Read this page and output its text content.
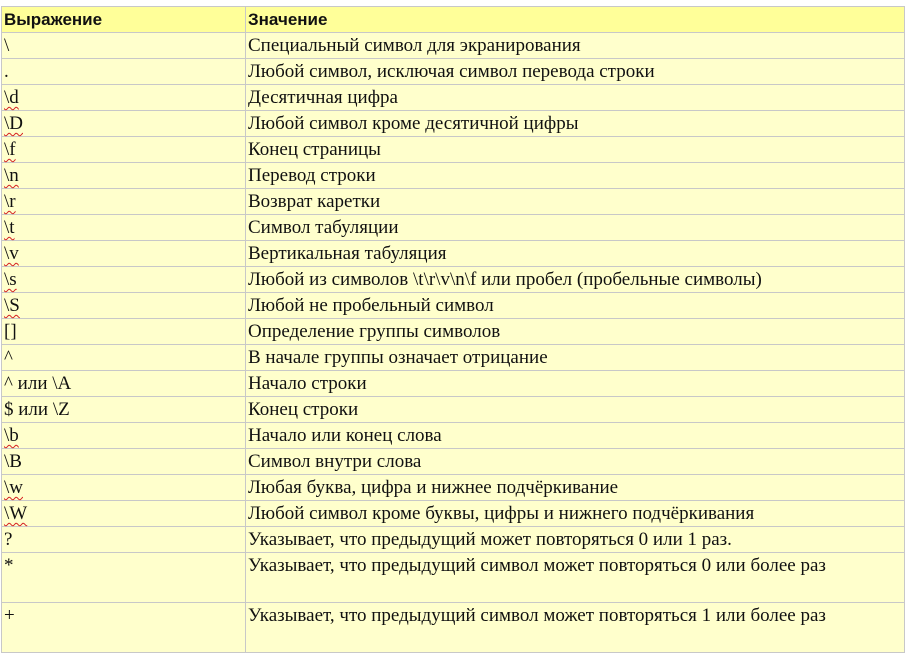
Выражение	Значение
\	Специальный символ для экранирования
.	Любой символ, исключая символ перевода строки
\d	Десятичная цифра
\D	Любой символ кроме десятичной цифры
\f	Конец страницы
\n	Перевод строки
\r	Возврат каретки
\t	Символ табуляции
\v	Вертикальная табуляция
\s	Любой из символов \t\r\v\n\f или пробел (пробельные символы)
\S	Любой не пробельный символ
[]	Определение группы символов
^	В начале группы означает отрицание
^ или \A	Начало строки
$ или \Z	Конец строки
\b	Начало или конец слова
\B	Символ внутри слова
\w	Любая буква, цифра и нижнее подчёркивание
\W	Любой символ кроме буквы, цифры и нижнего подчёркивания
?	Указывает, что предыдущий может повторяться 0 или 1 раз.
*	Указывает, что предыдущий символ может повторяться 0 или более раз
+	Указывает, что предыдущий символ может повторяться 1 или более раз
